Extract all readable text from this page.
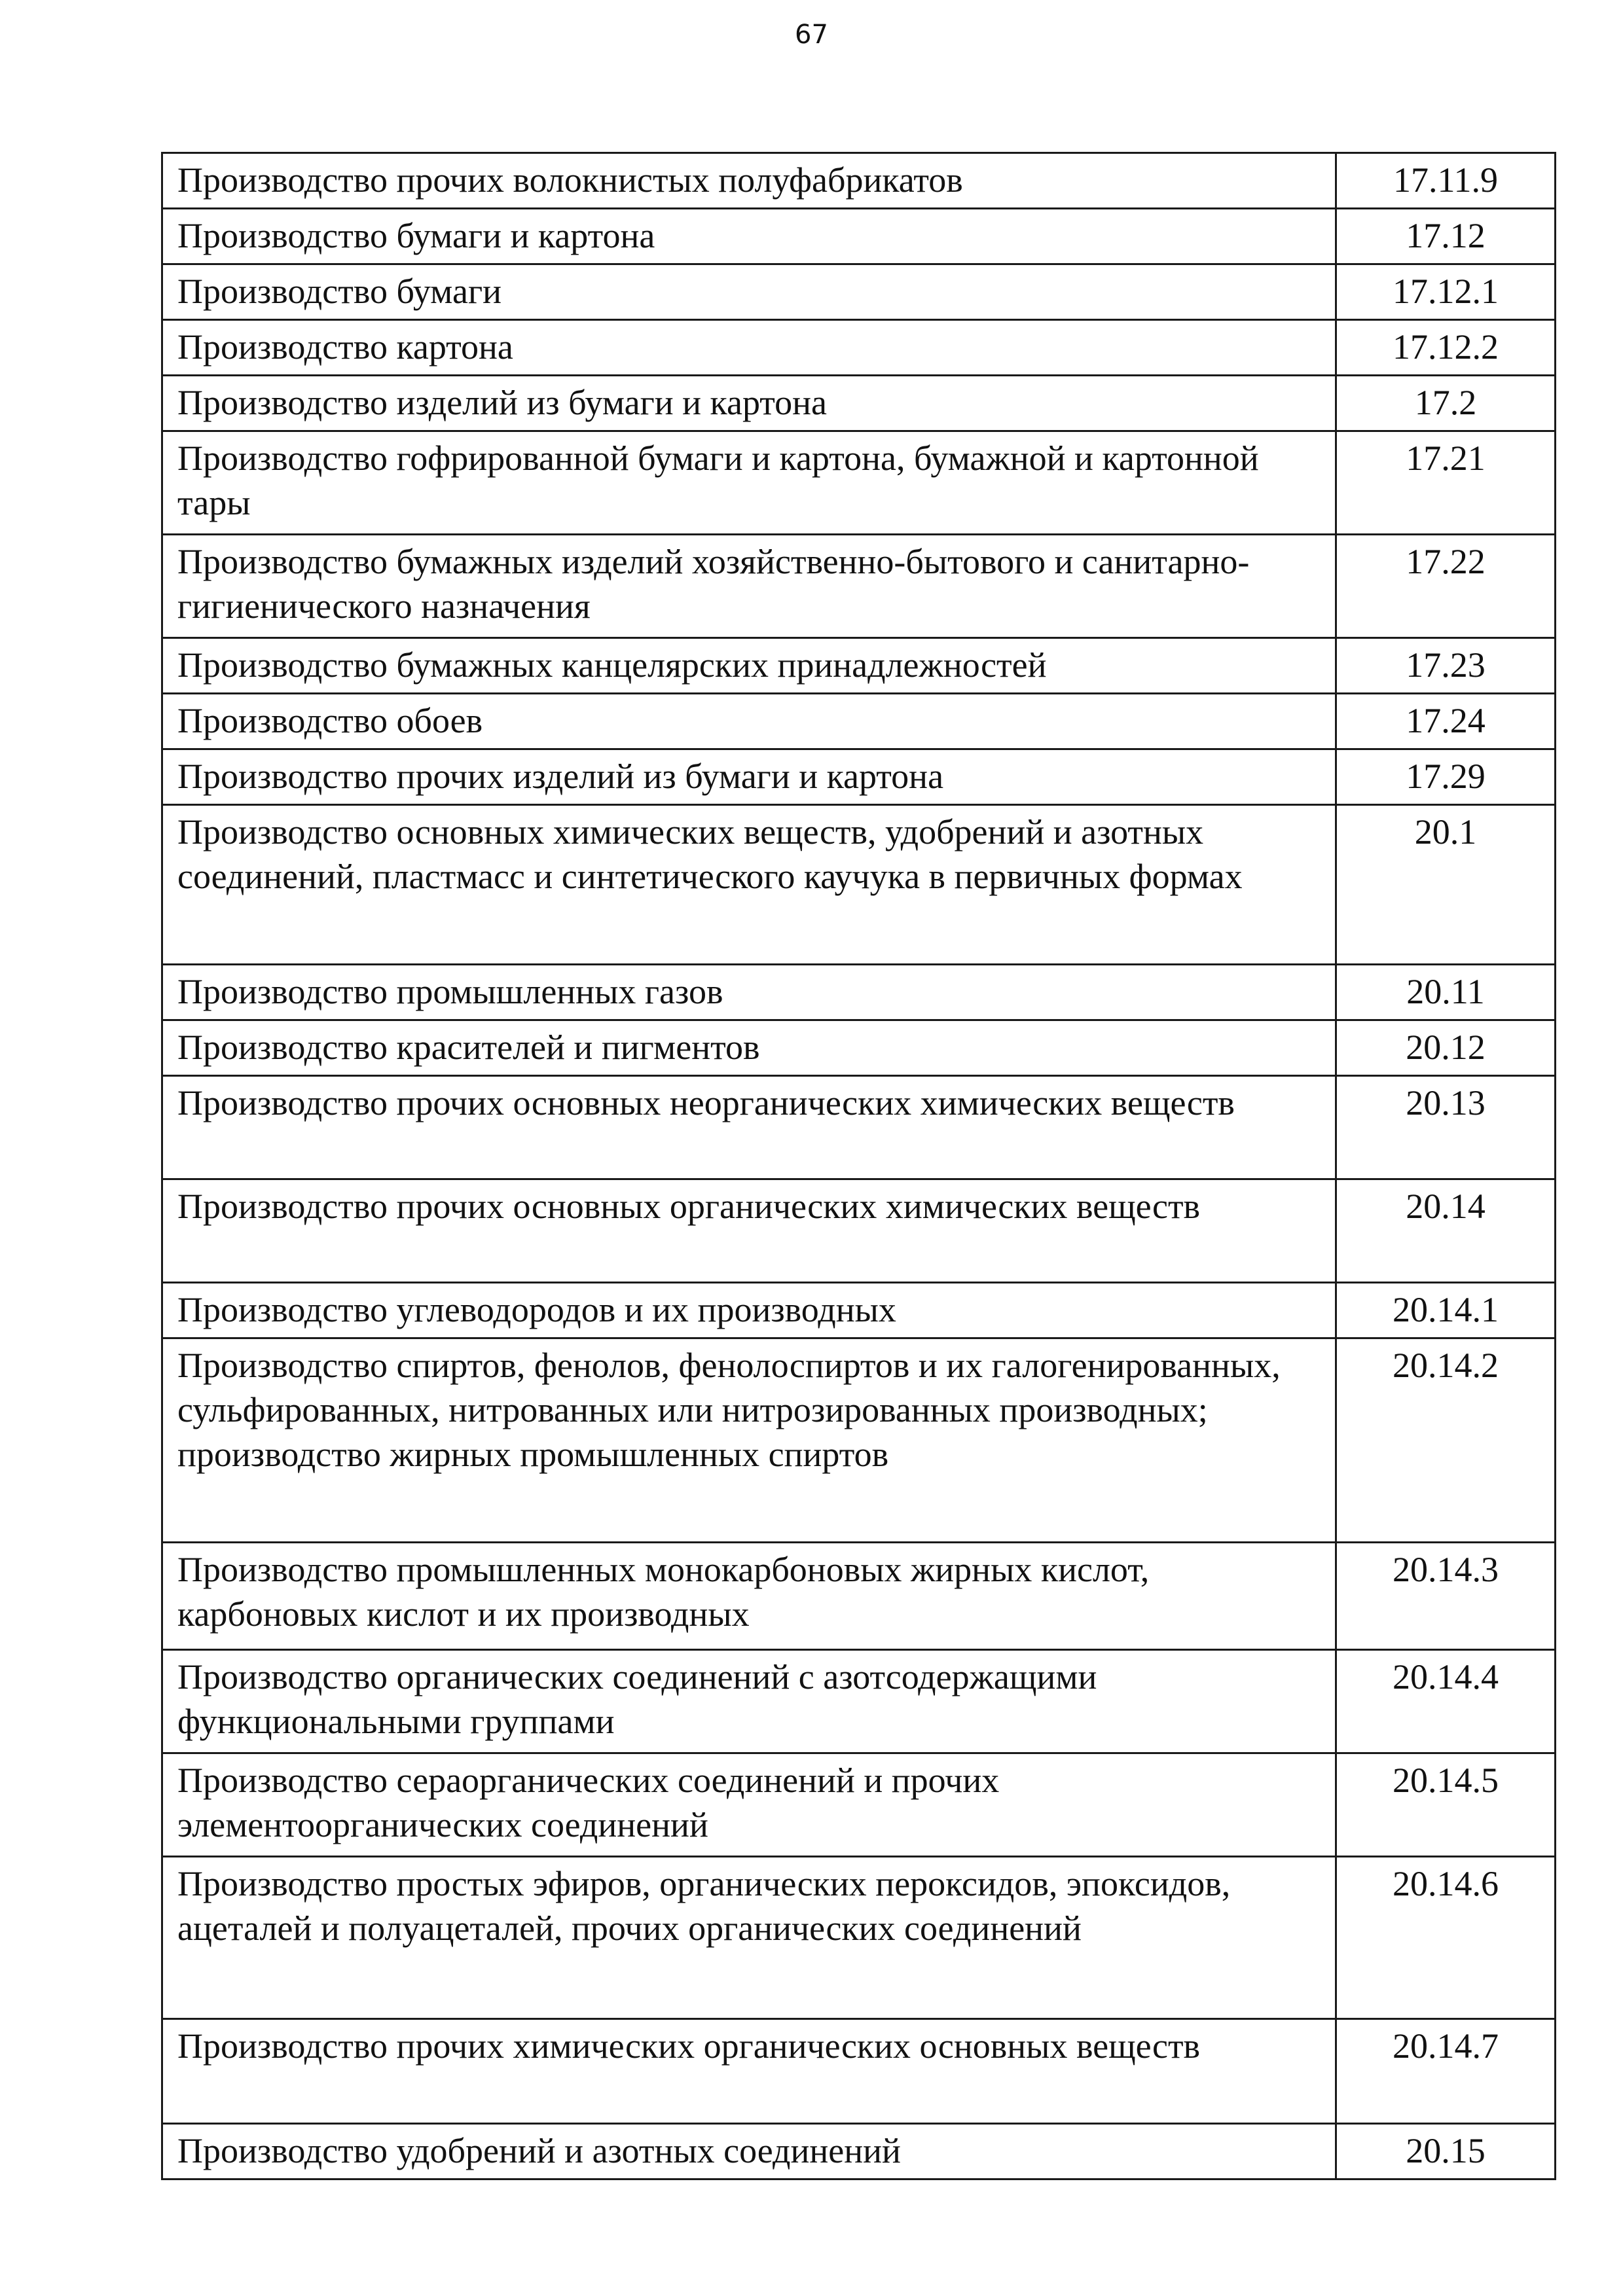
67
Производство прочих волокнистых полуфабрикатов	17.11.9
Производство бумаги и картона	17.12
Производство бумаги	17.12.1
Производство картона	17.12.2
Производство изделий из бумаги и картона	17.2
Производство гофрированной бумаги и картона, бумажной и картонной тары	17.21
Производство бумажных изделий хозяйственно-бытового и санитарно-гигиенического назначения	17.22
Производство бумажных канцелярских принадлежностей	17.23
Производство обоев	17.24
Производство прочих изделий из бумаги и картона	17.29
Производство основных химических веществ, удобрений и азотных соединений, пластмасс и синтетического каучука в первичных формах	20.1
Производство промышленных газов	20.11
Производство красителей и пигментов	20.12
Производство прочих основных неорганических химических веществ	20.13
Производство прочих основных органических химических веществ	20.14
Производство углеводородов и их производных	20.14.1
Производство спиртов, фенолов, фенолоспиртов и их галогенированных, сульфированных, нитрованных или нитрозированных производных; производство жирных промышленных спиртов	20.14.2
Производство промышленных монокарбоновых жирных кислот, карбоновых кислот и их производных	20.14.3
Производство органических соединений с азотсодержащими функциональными группами	20.14.4
Производство сераорганических соединений и прочих элементоорганических соединений	20.14.5
Производство простых эфиров, органических пероксидов, эпоксидов, ацеталей и полуацеталей, прочих органических соединений	20.14.6
Производство прочих химических органических основных веществ	20.14.7
Производство удобрений и азотных соединений	20.15
